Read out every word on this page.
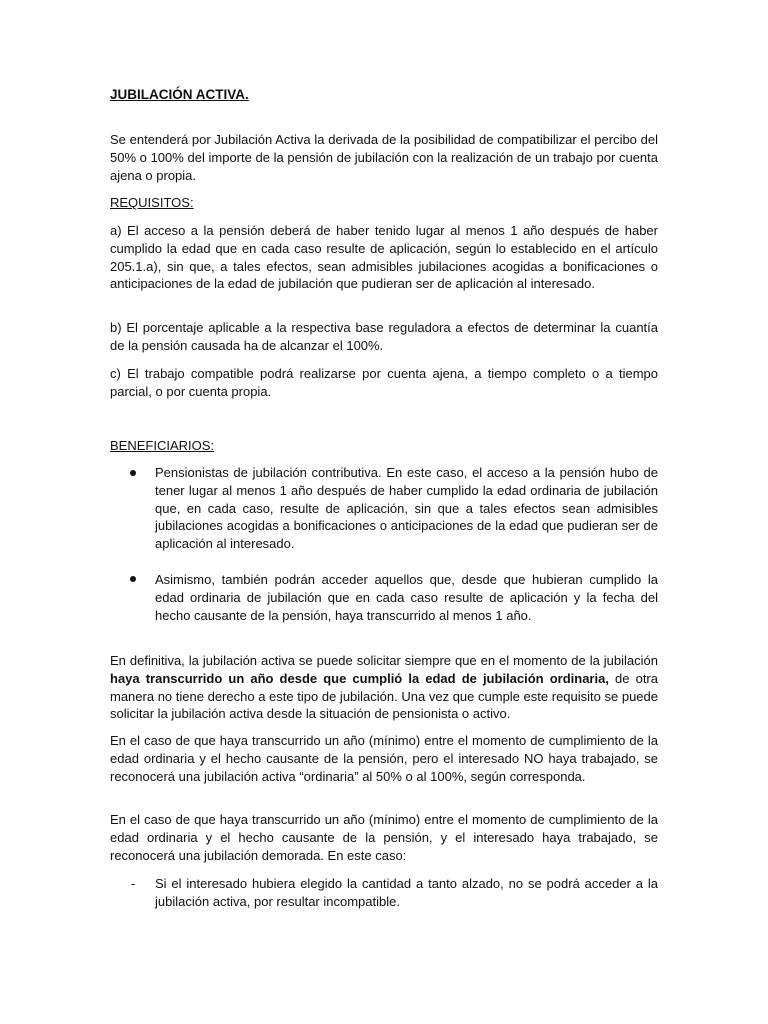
JUBILACIÓN ACTIVA.

Se entenderá por Jubilación Activa la derivada de la posibilidad de compatibilizar el percibo del 50% o 100% del importe de la pensión de jubilación con la realización de un trabajo por cuenta ajena o propia.

REQUISITOS:

a) El acceso a la pensión deberá de haber tenido lugar al menos 1 año después de haber cumplido la edad que en cada caso resulte de aplicación, según lo establecido en el artículo 205.1.a), sin que, a tales efectos, sean admisibles jubilaciones acogidas a bonificaciones o anticipaciones de la edad de jubilación que pudieran ser de aplicación al interesado.

b) El porcentaje aplicable a la respectiva base reguladora a efectos de determinar la cuantía de la pensión causada ha de alcanzar el 100%.

c) El trabajo compatible podrá realizarse por cuenta ajena, a tiempo completo o a tiempo parcial, o por cuenta propia.

BENEFICIARIOS:

Pensionistas de jubilación contributiva. En este caso, el acceso a la pensión hubo de tener lugar al menos 1 año después de haber cumplido la edad ordinaria de jubilación que, en cada caso, resulte de aplicación, sin que a tales efectos sean admisibles jubilaciones acogidas a bonificaciones o anticipaciones de la edad que pudieran ser de aplicación al interesado.

Asimismo, también podrán acceder aquellos que, desde que hubieran cumplido la edad ordinaria de jubilación que en cada caso resulte de aplicación y la fecha del hecho causante de la pensión, haya transcurrido al menos 1 año.

En definitiva, la jubilación activa se puede solicitar siempre que en el momento de la jubilación haya transcurrido un año desde que cumplió la edad de jubilación ordinaria, de otra manera no tiene derecho a este tipo de jubilación. Una vez que cumple este requisito se puede solicitar la jubilación activa desde la situación de pensionista o activo.

En el caso de que haya transcurrido un año (mínimo) entre el momento de cumplimiento de la edad ordinaria y el hecho causante de la pensión, pero el interesado NO haya trabajado, se reconocerá una jubilación activa “ordinaria” al 50% o al 100%, según corresponda.

En el caso de que haya transcurrido un año (mínimo) entre el momento de cumplimiento de la edad ordinaria y el hecho causante de la pensión, y el interesado haya trabajado, se reconocerá una jubilación demorada. En este caso:

- Si el interesado hubiera elegido la cantidad a tanto alzado, no se podrá acceder a la jubilación activa, por resultar incompatible.
